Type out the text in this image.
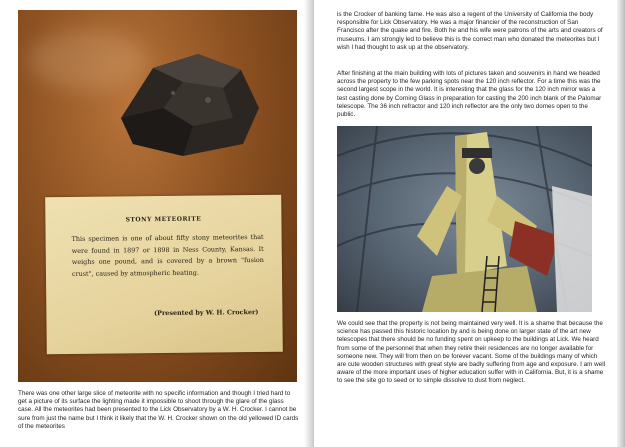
STONY METEORITE
This specimen is one of about fifty stony meteorites that were found in 1897 or 1898 in Ness County, Kansas. It weighs one pound, and is covered by a brown "fusion crust", caused by atmospheric heating.
(Presented by W. H. Crocker)
There was one other large slice of meteorite with no specific information and though I tried hard to get a picture of its surface the lighting made it impossible to shoot through the glare of the glass case. All the meteorites had been presented to the Lick Observatory by a W. H. Crocker. I cannot be sure from just the name but I think it likely that the W. H. Crocker shown on the old yellowed ID cards of the meteorites
is the Crocker of banking fame. He was also a regent of the University of California the body responsible for Lick Observatory. He was a major financier of the reconstruction of San Francisco after the quake and fire. Both he and his wife were patrons of the arts and creators of museums. I am strongly led to believe this is the correct man who donated the meteorites but I wish I had thought to ask up at the observatory.
After finishing at the main building with lots of pictures taken and souvenirs in hand we headed across the property to the few parking spots near the 120 inch reflector. For a time this was the second largest scope in the world. It is interesting that the glass for the 120 inch mirror was a test casting done by Corning Glass in preparation for casting the 200 inch blank of the Palomar telescope. The 36 inch refractor and 120 inch reflector are the only two domes open to the public.
We could see that the property is not being maintained very well. It is a shame that because the science has passed this historic location by and is being done on larger state of the art new telescopes that there should be no funding spent on upkeep to the buildings at Lick. We heard from some of the personnel that when they retire their residences are no longer available for someone new. They will from then on be forever vacant. Some of the buildings many of which are cute wooden structures with great style are badly suffering from age and exposure. I am well aware of the more important uses of higher education suffer with in California. But, it is a shame to see the site go to seed or to simple dissolve to dust from neglect.
